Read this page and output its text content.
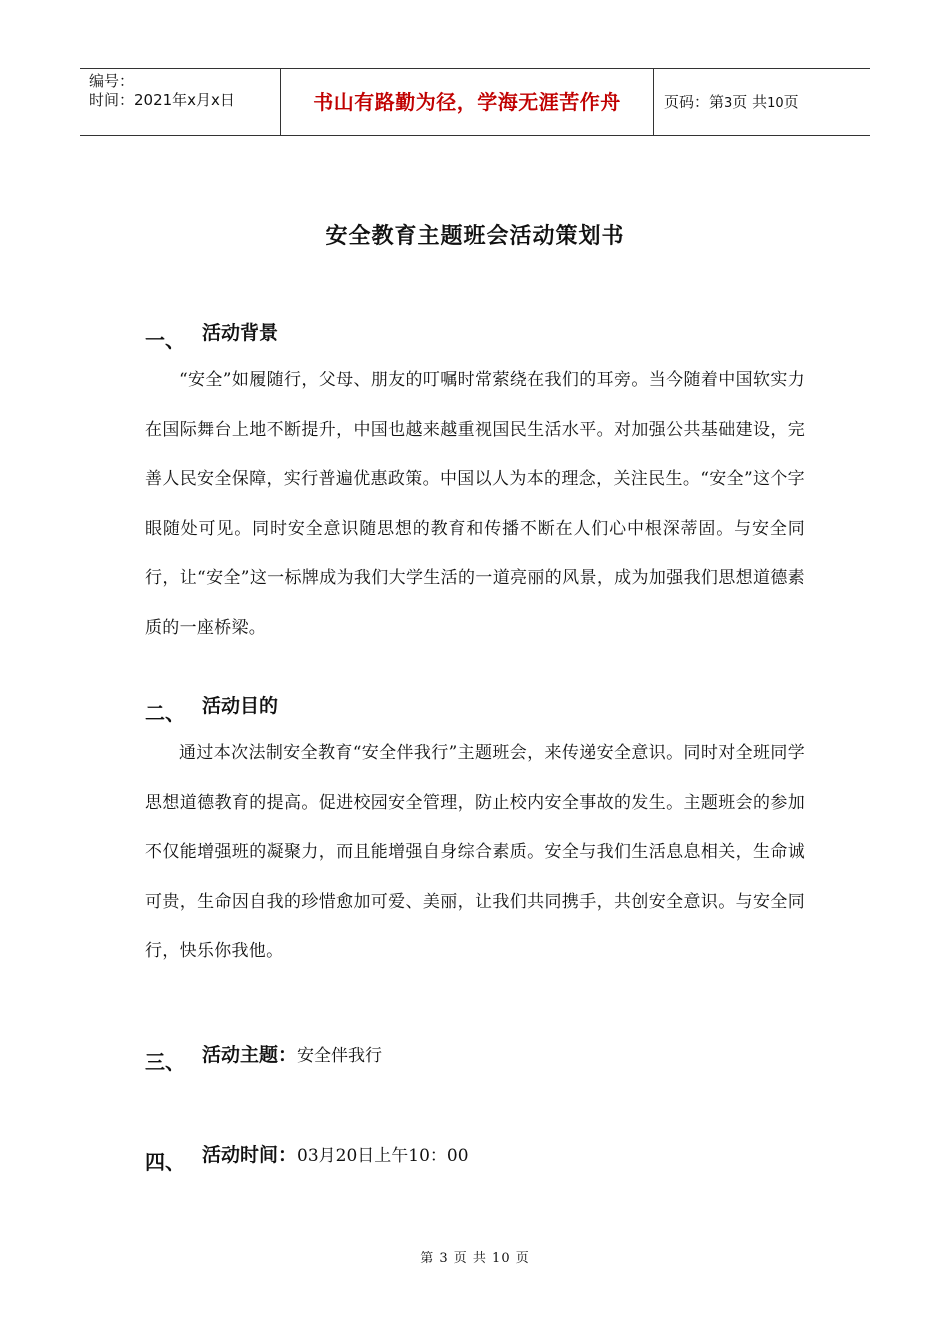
编号：
时间：2021年x月x日	书山有路勤为径，学海无涯苦作舟	页码：第3页 共10页
安全教育主题班会活动策划书
一、 活动背景
“安全”如履随行，父母、朋友的叮嘱时常萦绕在我们的耳旁。当今随着中国软实力在国际舞台上地不断提升，中国也越来越重视国民生活水平。对加强公共基础建设，完善人民安全保障，实行普遍优惠政策。中国以人为本的理念，关注民生。“安全”这个字眼随处可见。同时安全意识随思想的教育和传播不断在人们心中根深蒂固。与安全同行，让“安全”这一标牌成为我们大学生活的一道亮丽的风景，成为加强我们思想道德素质的一座桥梁。
二、 活动目的
通过本次法制安全教育“安全伴我行”主题班会，来传递安全意识。同时对全班同学思想道德教育的提高。促进校园安全管理，防止校内安全事故的发生。主题班会的参加不仅能增强班的凝聚力，而且能增强自身综合素质。安全与我们生活息息相关，生命诚可贵，生命因自我的珍惜愈加可爱、美丽，让我们共同携手，共创安全意识。与安全同行，快乐你我他。
三、 活动主题：安全伴我行
四、 活动时间：03月20日上午10：00
第 3 页 共 10 页
